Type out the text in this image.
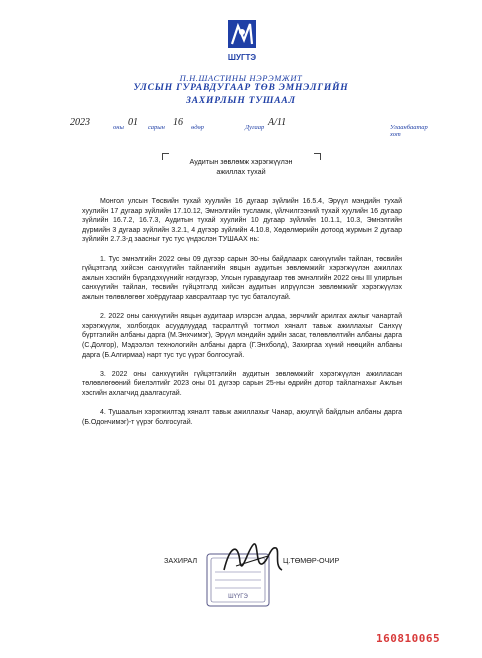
ШУГТЭ
П.Н.ШАСТИНЫ НЭРЭМЖИТ
УЛСЫН ГУРАВДУГААР ТӨВ ЭМНЭЛГИЙН
ЗАХИРЛЫН ТУШААЛ
2023	оны 01 сарын 16 өдөр	Дугаар А/11	Улаанбаатар хот
Аудитын зөвлөмж хэрэгжүүлэн
ажиллах тухай

Монгол улсын Төсвийн тухай хуулийн 16 дугаар зүйлийн 16.5.4, Эрүүл мэндийн тухай хуулийн 17 дугаар зүйлийн 17.10.12, Эмнэлгийн тусламж, үйлчилгээний тухай хуулийн 16 дугаар зүйлийн 16.7.2, 16.7.3, Аудитын тухай хуулийн 10 дугаар зүйлийн 10.1.1, 10.3, Эмнэлгийн дүрмийн 3 дугаар зүйлийн 3.2.1, 4 дүгээр зүйлийн 4.10.8, Хөдөлмөрийн дотоод журмын 2 дугаар зүйлийн 2.7.3-д заасныг тус тус үндэслэн ТУШААХ нь:

1. Тус эмнэлгийн 2022 оны 09 дүгээр сарын 30-ны байдлаарх санхүүгийн тайлан, төсвийн гүйцэтгэлд хийсэн санхүүгийн тайлангийн явцын аудитын зөвлөмжийг хэрэгжүүлэн ажиллах ажлын хэсгийн бүрэлдэхүүнийг нэгдүгээр, Улсын гуравдугаар төв эмнэлгийн 2022 оны III улирлын санхүүгийн тайлан, төсвийн гүйцэтгэлд хийсэн аудитын илрүүлсэн зөвлөмжийг хэрэгжүүлэх ажлын төлөвлөгөөг хоёрдугаар хавсралтаар тус тус баталсугай.

2. 2022 оны санхүүгийн явцын аудитаар илэрсэн алдаа, зөрчлийг арилгах ажлыг чанартай хэрэгжүүлж, холбогдох асуудлуудад тасралтгүй тогтмол хяналт тавьж ажиллахыг Санхүү бүртгэлийн албаны дарга (М.Энхчимэг), Эрүүл мэндийн эдийн засаг, төлөвлөлтийн албаны дарга (С.Долгор), Мэдээлэл технологийн албаны дарга (Г.Энхболд), Захиргаа хүний нөөцийн албаны дарга (Б.Алгирмаа) нарт тус тус үүрэг болгосугай.

3. 2022 оны санхүүгийн гүйцэтгэлийн аудитын зөвлөмжийг хэрэгжүүлэн ажилласан төлөвлөгөөний биелэлтийг 2023 оны 01 дүгээр сарын 25-ны өдрийн дотор тайлагнахыг Ажлын хэсгийн ахлагчид даалгасугай.

4. Тушаалын хэрэгжилтэд хяналт тавьж ажиллахыг Чанар, аюулгүй байдлын албаны дарга (Б.Одончимэг)-т үүрэг болгосугай.

ШҮҮГЭ
ЗАХИРАЛ	Ц.ТӨМӨР-ОЧИР
160810065
